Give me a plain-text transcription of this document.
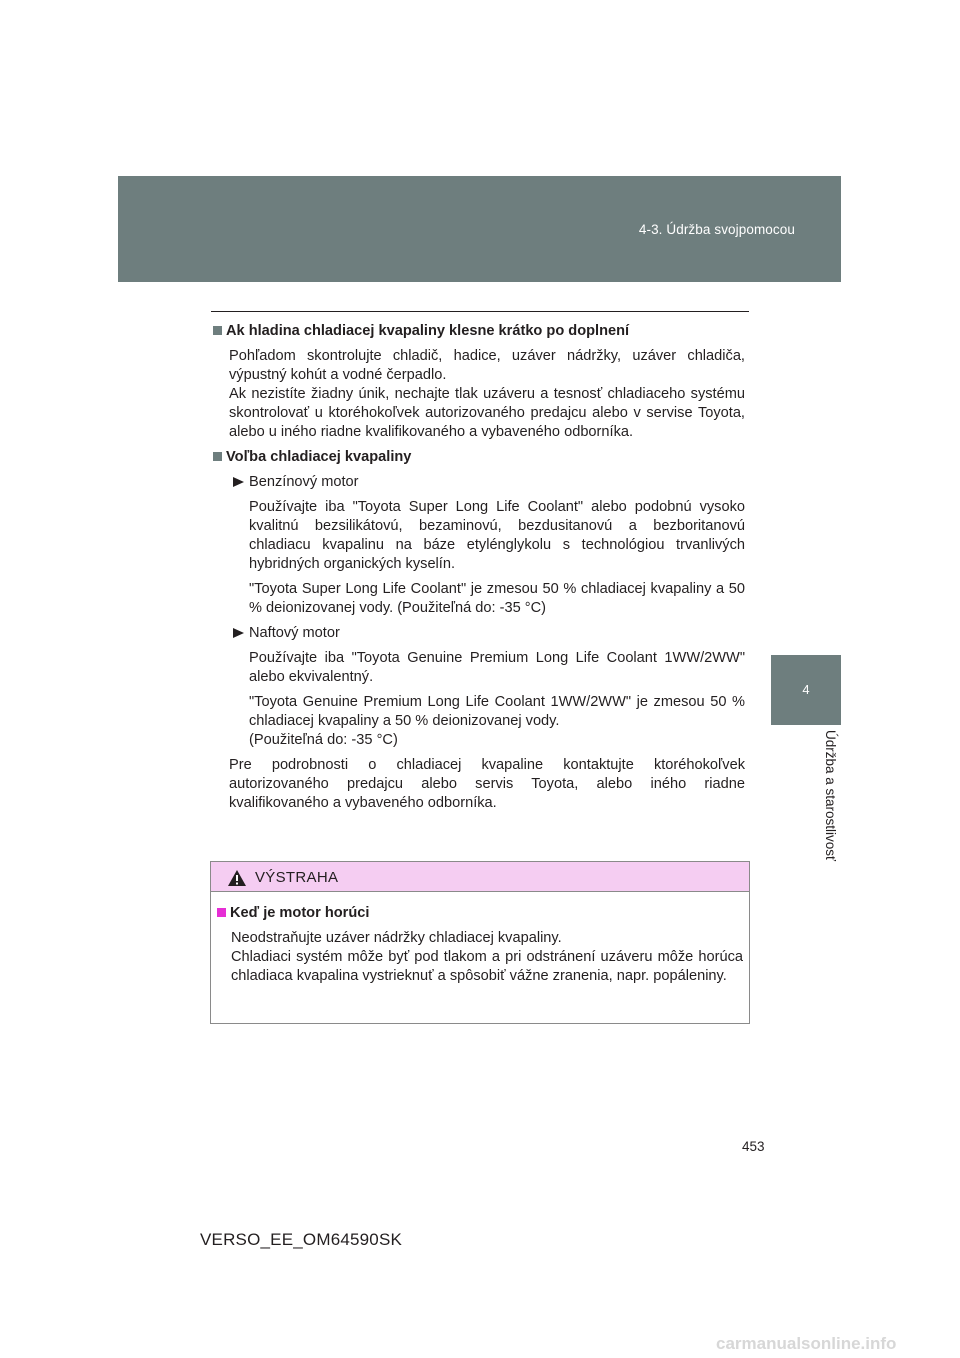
4-3. Údržba svojpomocou
4
Údržba a starostlivosť
Ak hladina chladiacej kvapaliny klesne krátko po doplnení
Pohľadom skontrolujte chladič, hadice, uzáver nádržky, uzáver chladiča, výpustný kohút a vodné čerpadlo.
Ak nezistíte žiadny únik, nechajte tlak uzáveru a tesnosť chladiaceho systému skontrolovať u ktoréhokoľvek autorizovaného predajcu alebo v servise Toyota, alebo u iného riadne kvalifikovaného a vybaveného odborníka.
Voľba chladiacej kvapaliny
Benzínový motor
Používajte iba "Toyota Super Long Life Coolant" alebo podobnú vysoko kvalitnú bezsilikátovú, bezaminovú, bezdusitanovú a bezboritanovú chladiacu kvapalinu na báze etylénglykolu s technológiou trvanlivých hybridných organických kyselín.
"Toyota Super Long Life Coolant" je zmesou 50 % chladiacej kvapaliny a 50 % deionizovanej vody. (Použiteľná do: -35 °C)
Naftový motor
Používajte iba "Toyota Genuine Premium Long Life Coolant 1WW/2WW" alebo ekvivalentný.
"Toyota Genuine Premium Long Life Coolant 1WW/2WW" je zmesou 50 % chladiacej kvapaliny a 50 % deionizovanej vody.
(Použiteľná do: -35 °C)
Pre podrobnosti o chladiacej kvapaline kontaktujte ktoréhokoľvek autorizovaného predajcu alebo servis Toyota, alebo iného riadne kvalifikovaného a vybaveného odborníka.
VÝSTRAHA
Keď je motor horúci
Neodstraňujte uzáver nádržky chladiacej kvapaliny.
Chladiaci systém môže byť pod tlakom a pri odstránení uzáveru môže horúca chladiaca kvapalina vystrieknuť a spôsobiť vážne zranenia, napr. popáleniny.
453
VERSO_EE_OM64590SK
carmanualsonline.info
